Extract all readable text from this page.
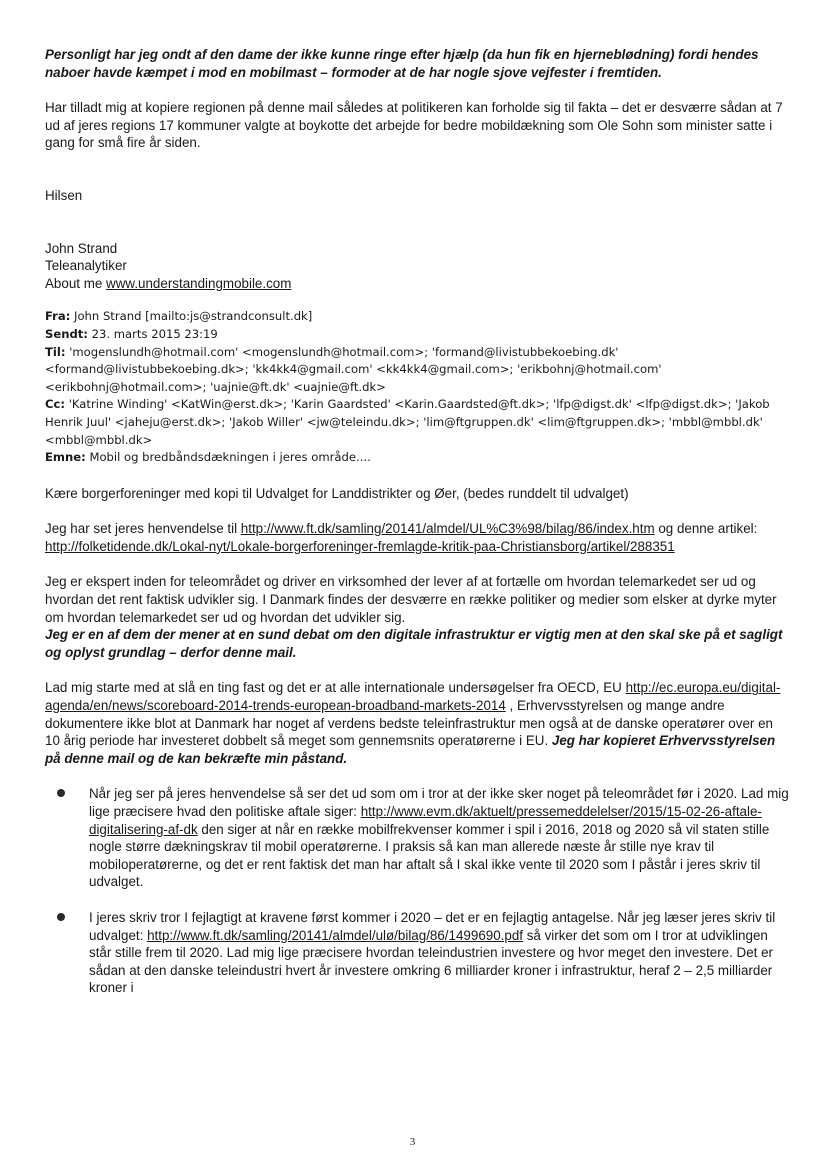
Personligt har jeg ondt af den dame der ikke kunne ringe efter hjælp (da hun fik en hjerneblødning) fordi hendes naboer havde kæmpet i mod en mobilmast – formoder at de har nogle sjove vejfester i fremtiden.

Har tilladt mig at kopiere regionen på denne mail således at politikeren kan forholde sig til fakta – det er desværre sådan at 7 ud af jeres regions 17 kommuner valgte at boykotte det arbejde for bedre mobildækning som Ole Sohn som minister satte i gang for små fire år siden.

Hilsen

John Strand

Teleanalytiker

About me www.understandingmobile.com

Fra: John Strand [mailto:js@strandconsult.dk]

Sendt: 23. marts 2015 23:19

Til: 'mogenslundh@hotmail.com' <mogenslundh@hotmail.com>; 'formand@livistubbekoebing.dk' <formand@livistubbekoebing.dk>; 'kk4kk4@gmail.com' <kk4kk4@gmail.com>; 'erikbohnj@hotmail.com' <erikbohnj@hotmail.com>; 'uajnie@ft.dk' <uajnie@ft.dk>

Cc: 'Katrine Winding' <KatWin@erst.dk>; 'Karin Gaardsted' <Karin.Gaardsted@ft.dk>; 'lfp@digst.dk' <lfp@digst.dk>; 'Jakob Henrik Juul' <jaheju@erst.dk>; 'Jakob Willer' <jw@teleindu.dk>; 'lim@ftgruppen.dk' <lim@ftgruppen.dk>; 'mbbl@mbbl.dk' <mbbl@mbbl.dk>

Emne: Mobil og bredbåndsdækningen i jeres område....

Kære borgerforeninger med kopi til Udvalget for Landdistrikter og Øer, (bedes runddelt til udvalget)

Jeg har set jeres henvendelse til http://www.ft.dk/samling/20141/almdel/UL%C3%98/bilag/86/index.htm og denne artikel: http://folketidende.dk/Lokal-nyt/Lokale-borgerforeninger-fremlagde-kritik-paa-Christiansborg/artikel/288351

Jeg er ekspert inden for teleområdet og driver en virksomhed der lever af at fortælle om hvordan telemarkedet ser ud og hvordan det rent faktisk udvikler sig. I Danmark findes der desværre en række politiker og medier som elsker at dyrke myter om hvordan telemarkedet ser ud og hvordan det udvikler sig.
Jeg er en af dem der mener at en sund debat om den digitale infrastruktur er vigtig men at den skal ske på et sagligt og oplyst grundlag – derfor denne mail.

Lad mig starte med at slå en ting fast og det er at alle internationale undersøgelser fra OECD, EU http://ec.europa.eu/digital-agenda/en/news/scoreboard-2014-trends-european-broadband-markets-2014 , Erhvervsstyrelsen og mange andre dokumentere ikke blot at Danmark har noget af verdens bedste teleinfrastruktur men også at de danske operatører over en 10 årig periode har investeret dobbelt så meget som gennemsnits operatørerne i EU. Jeg har kopieret Erhvervsstyrelsen på denne mail og de kan bekræfte min påstand.

Når jeg ser på jeres henvendelse så ser det ud som om i tror at der ikke sker noget på teleområdet før i 2020. Lad mig lige præcisere hvad den politiske aftale siger: http://www.evm.dk/aktuelt/pressemeddelelser/2015/15-02-26-aftale-digitalisering-af-dk den siger at når en række mobilfrekvenser kommer i spil i 2016, 2018 og 2020 så vil staten stille nogle større dækningskrav til mobil operatørerne. I praksis så kan man allerede næste år stille nye krav til mobiloperatørerne, og det er rent faktisk det man har aftalt så I skal ikke vente til 2020 som I påstår i jeres skriv til udvalget.
I jeres skriv tror I fejlagtigt at kravene først kommer i 2020 – det er en fejlagtig antagelse. Når jeg læser jeres skriv til udvalget: http://www.ft.dk/samling/20141/almdel/ulø/bilag/86/1499690.pdf så virker det som om I tror at udviklingen står stille frem til 2020. Lad mig lige præcisere hvordan teleindustrien investere og hvor meget den investere. Det er sådan at den danske teleindustri hvert år investere omkring 6 milliarder kroner i infrastruktur, heraf 2 – 2,5 milliarder kroner i
3
